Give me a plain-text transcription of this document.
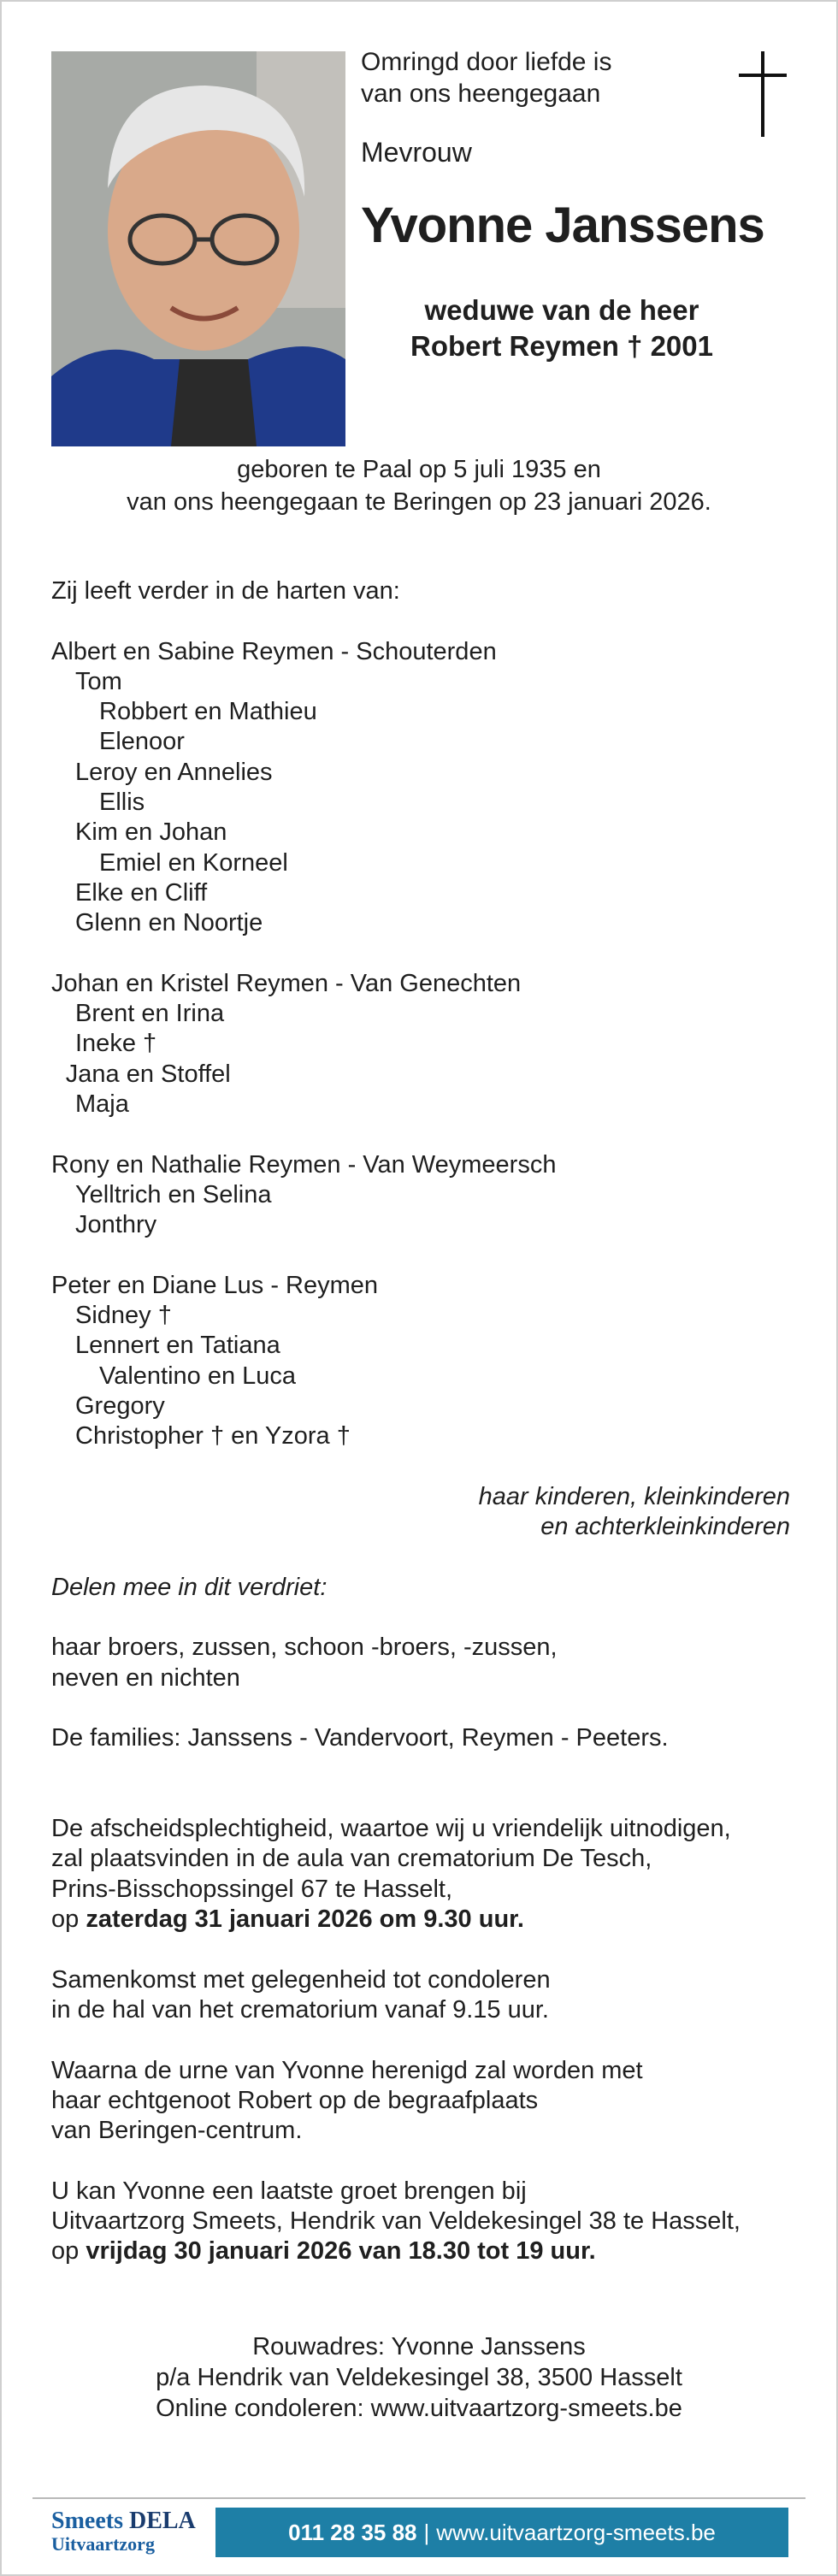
Omringd door liefde is
van ons heengegaan
Mevrouw
Yvonne Janssens
weduwe van de heer
Robert Reymen † 2001
geboren te Paal op 5 juli 1935 en
van ons heengegaan te Beringen op 23 januari 2026.
Zij leeft verder in de harten van:
Albert en Sabine Reymen - Schouterden
Tom
Robbert en Mathieu
Elenoor
Leroy en Annelies
Ellis
Kim en Johan
Emiel en Korneel
Elke en Cliff
Glenn en Noortje
Johan en Kristel Reymen - Van Genechten
Brent en Irina
Ineke †
Jana en Stoffel
Maja
Rony en Nathalie Reymen - Van Weymeersch
Yelltrich en Selina
Jonthry
Peter en Diane Lus - Reymen
Sidney †
Lennert en Tatiana
Valentino en Luca
Gregory
Christopher † en Yzora †
haar kinderen, kleinkinderen
en achterkleinkinderen
Delen mee in dit verdriet:
haar broers, zussen, schoon -broers, -zussen,
neven en nichten
De families: Janssens - Vandervoort, Reymen - Peeters.
De afscheidsplechtigheid, waartoe wij u vriendelijk uitnodigen,
zal plaatsvinden in de aula van crematorium De Tesch,
Prins-Bisschopssingel 67 te Hasselt,
op zaterdag 31 januari 2026 om 9.30 uur.
Samenkomst met gelegenheid tot condoleren
in de hal van het crematorium vanaf 9.15 uur.
Waarna de urne van Yvonne herenigd zal worden met
haar echtgenoot Robert op de begraafplaats
van Beringen-centrum.
U kan Yvonne een laatste groet brengen bij
Uitvaartzorg Smeets, Hendrik van Veldekesingel 38 te Hasselt,
op vrijdag 30 januari 2026 van 18.30 tot 19 uur.
Rouwadres: Yvonne Janssens
p/a Hendrik van Veldekesingel 38, 3500 Hasselt
Online condoleren: www.uitvaartzorg-smeets.be
Smeets DELA
Uitvaartzorg	011 28 35 88 | www.uitvaartzorg-smeets.be
